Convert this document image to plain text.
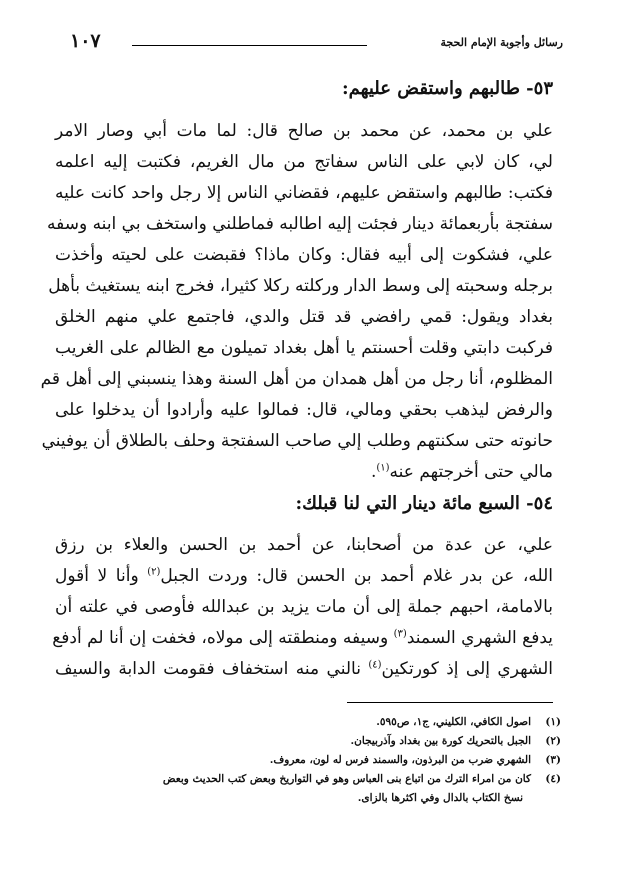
رسائل وأجوبة الإمام الحجة
١٠٧
٥٣- طالبهم واستقض عليهم:
علي بن محمد، عن محمد بن صالح قال: لما مات أبي وصار الامر
لي، كان لابي على الناس سفاتج من مال الغريم، فكتبت إليه اعلمه
فكتب: طالبهم واستقض عليهم، فقضاني الناس إلا رجل واحد كانت عليه
سفتجة بأربعمائة دينار فجئت إليه اطالبه فماطلني واستخف بي ابنه وسفه
علي، فشكوت إلى أبيه فقال: وكان ماذا؟ فقبضت على لحيته وأخذت
برجله وسحبته إلى وسط الدار وركلته ركلا كثيرا، فخرج ابنه يستغيث بأهل
بغداد ويقول: قمي رافضي قد قتل والدي، فاجتمع علي منهم الخلق
فركبت دابتي وقلت أحسنتم يا أهل بغداد تميلون مع الظالم على الغريب
المظلوم، أنا رجل من أهل همدان من أهل السنة وهذا ينسبني إلى أهل قم
والرفض ليذهب بحقي ومالي، قال: فمالوا عليه وأرادوا أن يدخلوا على
حانوته حتى سكنتهم وطلب إلي صاحب السفتجة وحلف بالطلاق أن يوفيني
مالي حتى أخرجتهم عنه$^{(١)}$.
٥٤- السبع مائة دينار التي لنا قبلك:
علي، عن عدة من أصحابنا، عن أحمد بن الحسن والعلاء بن رزق
الله، عن بدر غلام أحمد بن الحسن قال: وردت الجبل$^{(٢)}$ وأنا لا أقول
بالامامة، احبهم جملة إلى أن مات يزيد بن عبدالله فأوصى في علته أن
يدفع الشهري السمند$^{(٣)}$ وسيفه ومنطقته إلى مولاه، فخفت إن أنا لم أدفع
الشهري إلى إذ كورتكين$^{(٤)}$ نالني منه استخفاف فقومت الدابة والسيف
(١)
اصول الكافي، الكليني، ج١، ص٥٩٥.
(٢)
الجبل بالتحريك كورة بين بغداد وآذربيجان.
(٣)
الشهري ضرب من البرذون، والسمند فرس له لون، معروف.
(٤)
كان من امراء الترك من اتباع بنى العباس وهو في التواريخ وبعض كتب الحديث وبعض
نسخ الكتاب بالدال وفي اكثرها بالزاى.
